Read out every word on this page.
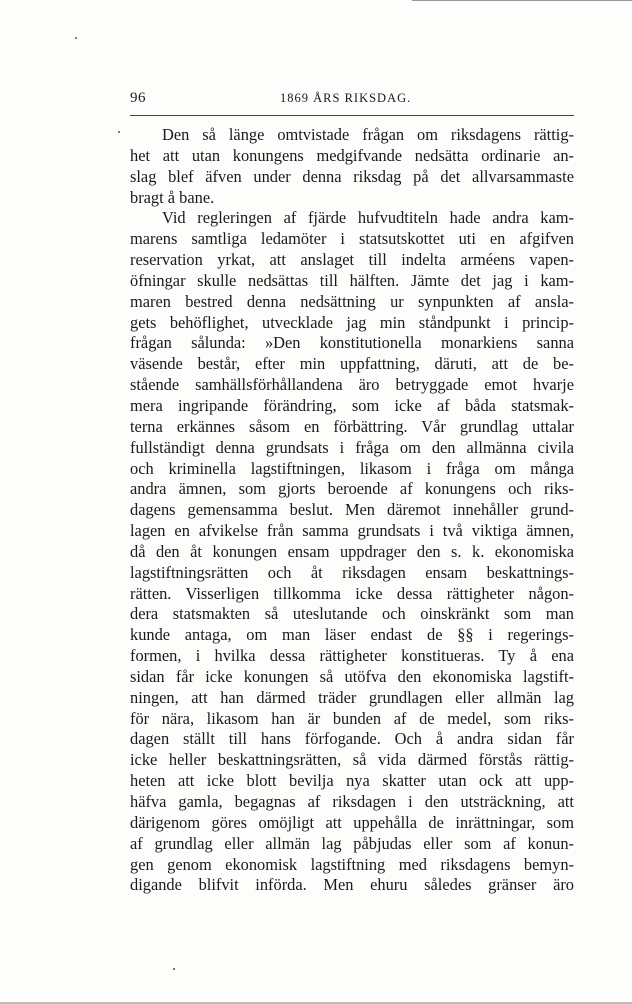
96	1869 ÅRS RIKSDAG.
Den så länge omtvistade frågan om riksdagens rättig-
het att utan konungens medgifvande nedsätta ordinarie an-
slag blef äfven under denna riksdag på det allvarsammaste
bragt å bane.
Vid regleringen af fjärde hufvudtiteln hade andra kam-
marens samtliga ledamöter i statsutskottet uti en afgifven
reservation yrkat, att anslaget till indelta arméens vapen-
öfningar skulle nedsättas till hälften. Jämte det jag i kam-
maren bestred denna nedsättning ur synpunkten af ansla-
gets behöflighet, utvecklade jag min ståndpunkt i princip-
frågan sålunda: »Den konstitutionella monarkiens sanna
väsende består, efter min uppfattning, däruti, att de be-
stående samhällsförhållandena äro betryggade emot hvarje
mera ingripande förändring, som icke af båda statsmak-
terna erkännes såsom en förbättring. Vår grundlag uttalar
fullständigt denna grundsats i fråga om den allmänna civila
och kriminella lagstiftningen, likasom i fråga om många
andra ämnen, som gjorts beroende af konungens och riks-
dagens gemensamma beslut. Men däremot innehåller grund-
lagen en afvikelse från samma grundsats i två viktiga ämnen,
då den åt konungen ensam uppdrager den s. k. ekonomiska
lagstiftningsrätten och åt riksdagen ensam beskattnings-
rätten. Visserligen tillkomma icke dessa rättigheter någon-
dera statsmakten så uteslutande och oinskränkt som man
kunde antaga, om man läser endast de §§ i regerings-
formen, i hvilka dessa rättigheter konstitueras. Ty å ena
sidan får icke konungen så utöfva den ekonomiska lagstift-
ningen, att han därmed träder grundlagen eller allmän lag
för nära, likasom han är bunden af de medel, som riks-
dagen ställt till hans förfogande. Och å andra sidan får
icke heller beskattningsrätten, så vida därmed förstås rättig-
heten att icke blott bevilja nya skatter utan ock att upp-
häfva gamla, begagnas af riksdagen i den utsträckning, att
därigenom göres omöjligt att uppehålla de inrättningar, som
af grundlag eller allmän lag påbjudas eller som af konun-
gen genom ekonomisk lagstiftning med riksdagens bemyn-
digande blifvit införda. Men ehuru således gränser äro
